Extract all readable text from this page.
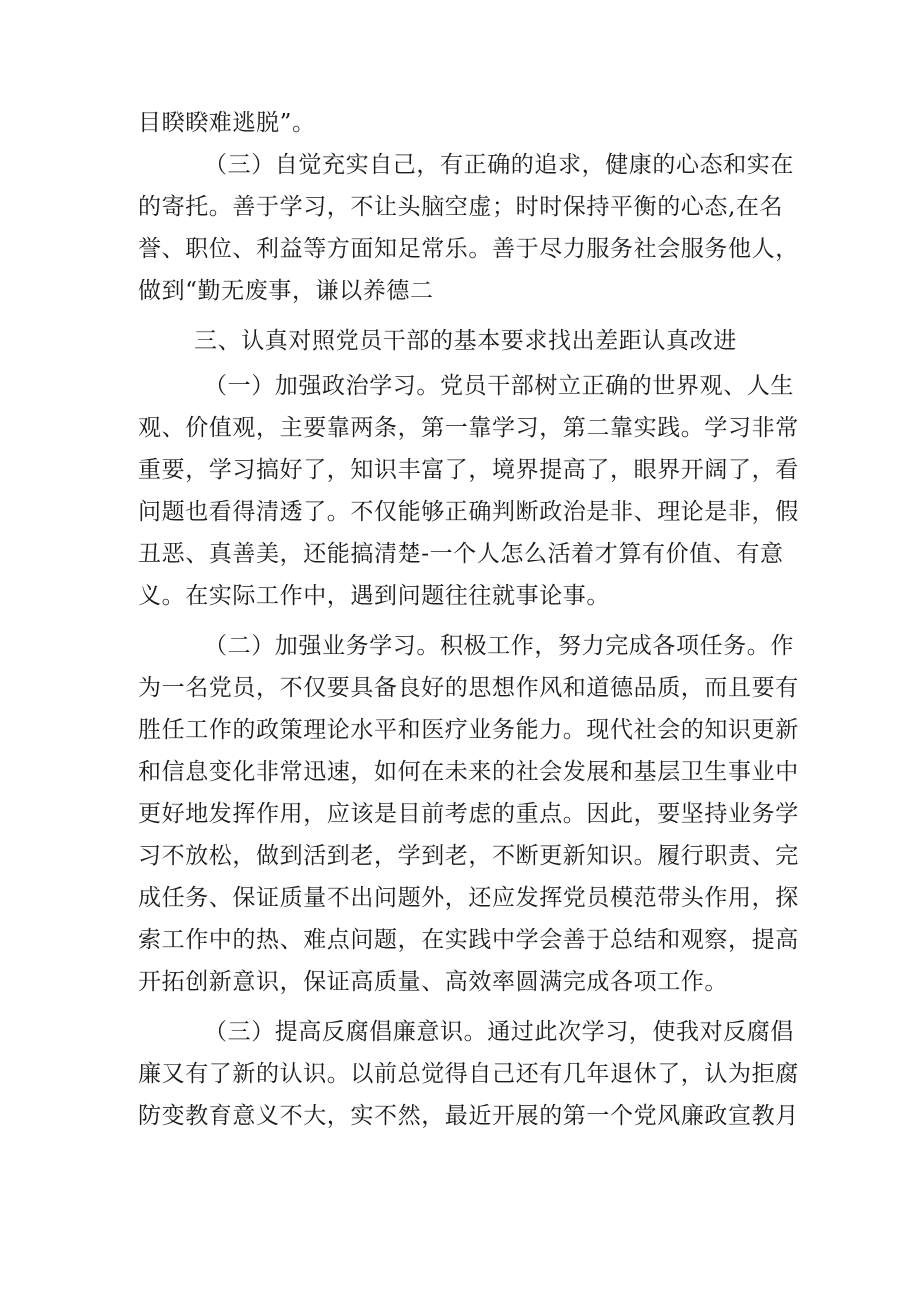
目睽睽难逃脱”。
（三）自觉充实自己，有正确的追求，健康的心态和实在
的寄托。善于学习，不让头脑空虚；时时保持平衡的心态,在名
誉、职位、利益等方面知足常乐。善于尽力服务社会服务他人，
做到“勤无废事，谦以养德二
三、认真对照党员干部的基本要求找出差距认真改进
（一）加强政治学习。党员干部树立正确的世界观、人生
观、价值观，主要靠两条，第一靠学习，第二靠实践。学习非常
重要，学习搞好了，知识丰富了，境界提高了，眼界开阔了，看
问题也看得清透了。不仅能够正确判断政治是非、理论是非，假
丑恶、真善美，还能搞清楚-一个人怎么活着才算有价值、有意
义。在实际工作中，遇到问题往往就事论事。
（二）加强业务学习。积极工作，努力完成各项任务。作
为一名党员，不仅要具备良好的思想作风和道德品质，而且要有
胜任工作的政策理论水平和医疗业务能力。现代社会的知识更新
和信息变化非常迅速，如何在未来的社会发展和基层卫生事业中
更好地发挥作用，应该是目前考虑的重点。因此，要坚持业务学
习不放松，做到活到老，学到老，不断更新知识。履行职责、完
成任务、保证质量不出问题外，还应发挥党员模范带头作用，探
索工作中的热、难点问题，在实践中学会善于总结和观察，提高
开拓创新意识，保证高质量、高效率圆满完成各项工作。
（三）提高反腐倡廉意识。通过此次学习，使我对反腐倡
廉又有了新的认识。以前总觉得自己还有几年退休了，认为拒腐
防变教育意义不大，实不然，最近开展的第一个党风廉政宣教月
